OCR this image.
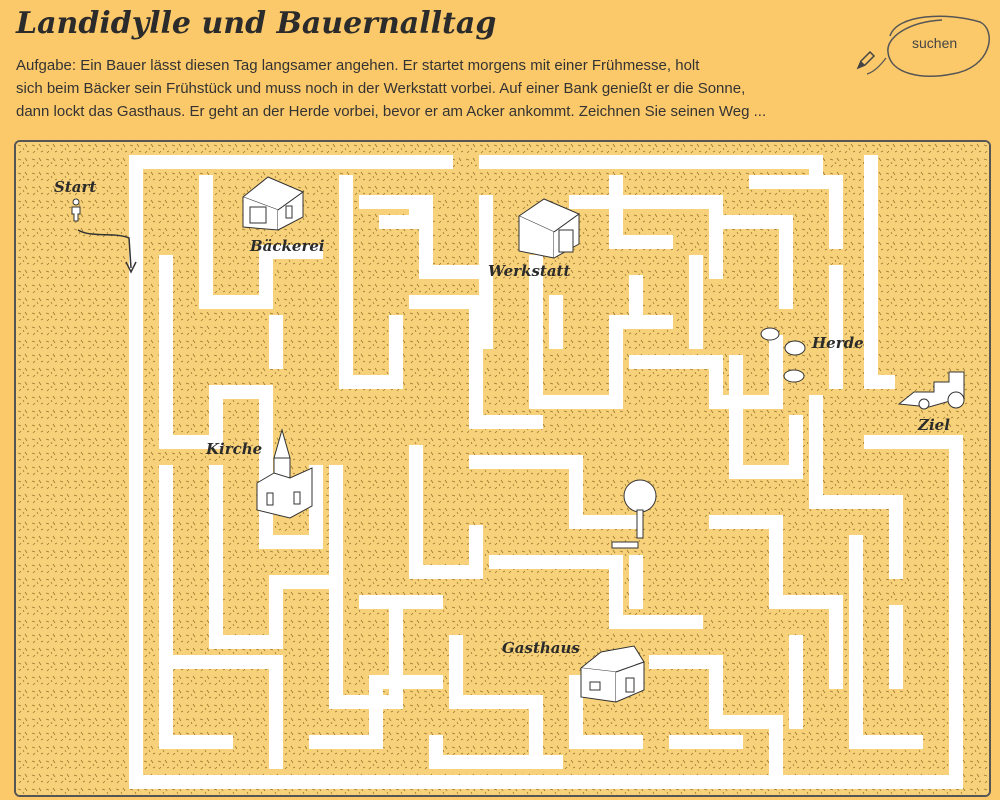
Landidylle und Bauernalltag
Aufgabe: Ein Bauer lässt diesen Tag langsamer angehen. Er startet morgens mit einer Frühmesse, holt
sich beim Bäcker sein Frühstück und muss noch in der Werkstatt vorbei. Auf einer Bank genießt er die Sonne,
dann lockt das Gasthaus. Er geht an der Herde vorbei, bevor er am Acker ankommt. Zeichnen Sie seinen Weg ...
suchen
Start
Bäckerei
Werkstatt
Herde
Kirche
Gasthaus
Ziel
